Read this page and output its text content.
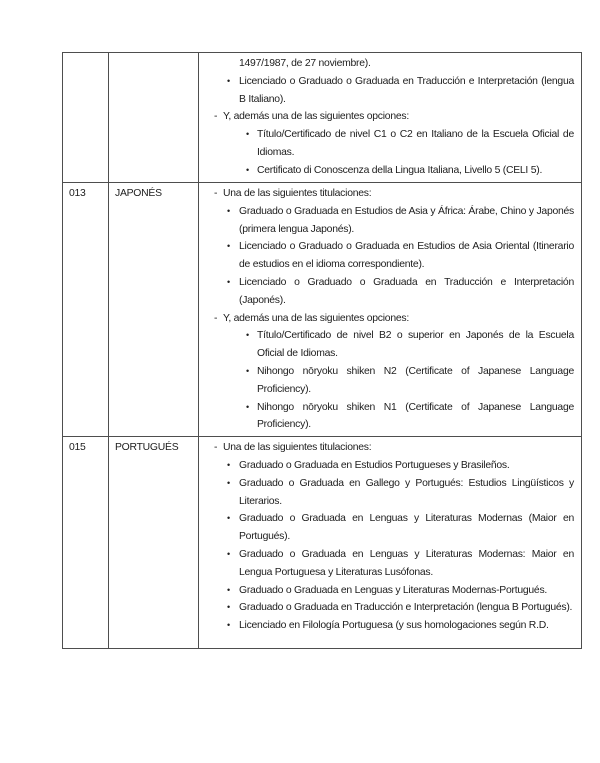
1497/1987, de 27 noviembre).
• Licenciado o Graduado o Graduada en Traducción e Interpretación (lengua B Italiano).
- Y, además una de las siguientes opciones:
• Título/Certificado de nivel C1 o C2 en Italiano de la Escuela Oficial de Idiomas.
• Certificato di Conoscenza della Lingua Italiana, Livello 5 (CELI 5).

013	JAPONÉS	- Una de las siguientes titulaciones:
• Graduado o Graduada en Estudios de Asia y África: Árabe, Chino y Japonés (primera lengua Japonés).
• Licenciado o Graduado o Graduada en Estudios de Asia Oriental (Itinerario de estudios en el idioma correspondiente).
• Licenciado o Graduado o Graduada en Traducción e Interpretación (Japonés).
- Y, además una de las siguientes opciones:
• Título/Certificado de nivel B2 o superior en Japonés de la Escuela Oficial de Idiomas.
• Nihongo nōryoku shiken N2 (Certificate of Japanese Language Proficiency).
• Nihongo nōryoku shiken N1 (Certificate of Japanese Language Proficiency).

015	PORTUGUÉS	- Una de las siguientes titulaciones:
• Graduado o Graduada en Estudios Portugueses y Brasileños.
• Graduado o Graduada en Gallego y Portugués: Estudios Lingüísticos y Literarios.
• Graduado o Graduada en Lenguas y Literaturas Modernas (Maior en Portugués).
• Graduado o Graduada en Lenguas y Literaturas Modernas: Maior en Lengua Portuguesa y Literaturas Lusófonas.
• Graduado o Graduada en Lenguas y Literaturas Modernas-Portugués.
• Graduado o Graduada en Traducción e Interpretación (lengua B Portugués).
• Licenciado en Filología Portuguesa (y sus homologaciones según R.D.
